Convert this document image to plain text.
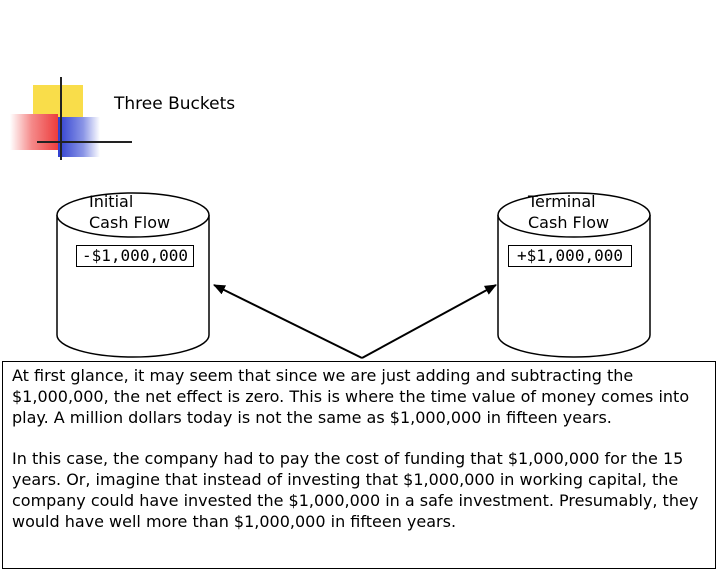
Three Buckets
Initial
Cash Flow
-$1,000,000
Terminal
Cash Flow
+$1,000,000

At first glance, it may seem that since we are just adding and subtracting the $1,000,000, the net effect is zero. This is where the time value of money comes into play. A million dollars today is not the same as $1,000,000 in fifteen years.

In this case, the company had to pay the cost of funding that $1,000,000 for the 15 years. Or, imagine that instead of investing that $1,000,000 in working capital, the company could have invested the $1,000,000 in a safe investment. Presumably, they would have well more than $1,000,000 in fifteen years.
